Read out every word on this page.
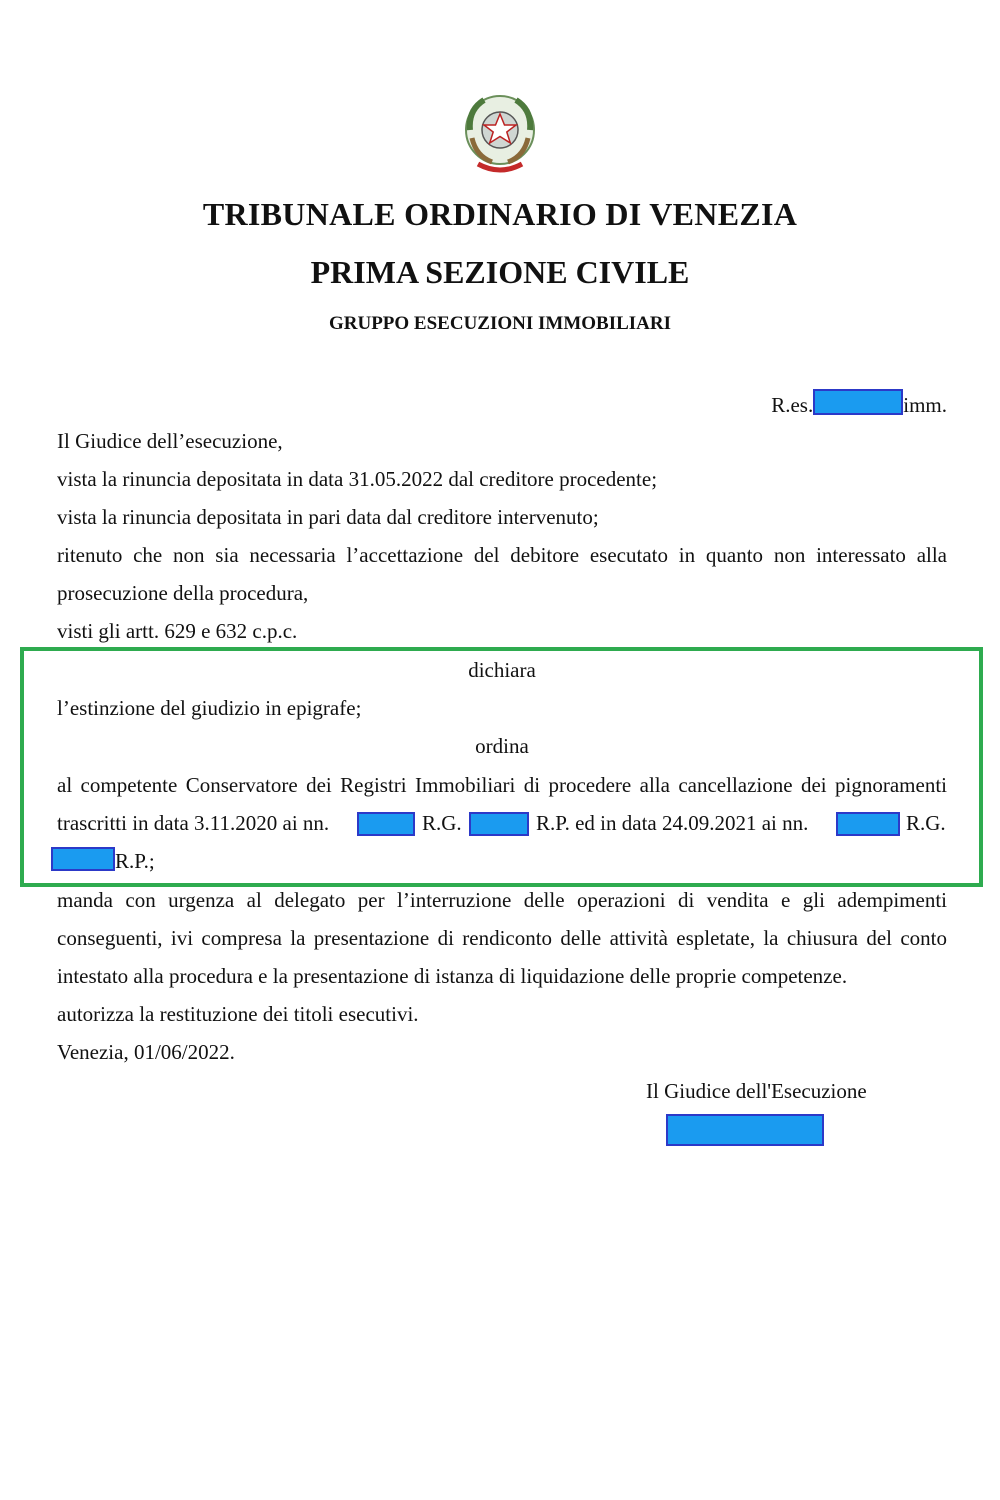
TRIBUNALE ORDINARIO DI VENEZIA
PRIMA SEZIONE CIVILE
GRUPPO ESECUZIONI IMMOBILIARI
R.es.	imm.
Il Giudice dell’esecuzione,
vista la rinuncia depositata in data 31.05.2022 dal creditore procedente;
vista la rinuncia depositata in pari data dal creditore intervenuto;
ritenuto che non sia necessaria l’accettazione del debitore esecutato in quanto non interessato alla
prosecuzione della procedura,
visti gli artt. 629 e 632 c.p.c.
dichiara
l’estinzione del giudizio in epigrafe;
ordina
al competente Conservatore dei Registri Immobiliari di procedere alla cancellazione dei pignoramenti
trascritti in data 3.11.2020 ai nn.	R.G.	R.P. ed in data 24.09.2021 ai nn.	R.G.
R.P.;
manda con urgenza al delegato per l’interruzione delle operazioni di vendita e gli adempimenti
conseguenti, ivi compresa la presentazione di rendiconto delle attività espletate, la chiusura del conto
intestato alla procedura e la presentazione di istanza di liquidazione delle proprie competenze.
autorizza la restituzione dei titoli esecutivi.
Venezia, 01/06/2022.
Il Giudice dell'Esecuzione
